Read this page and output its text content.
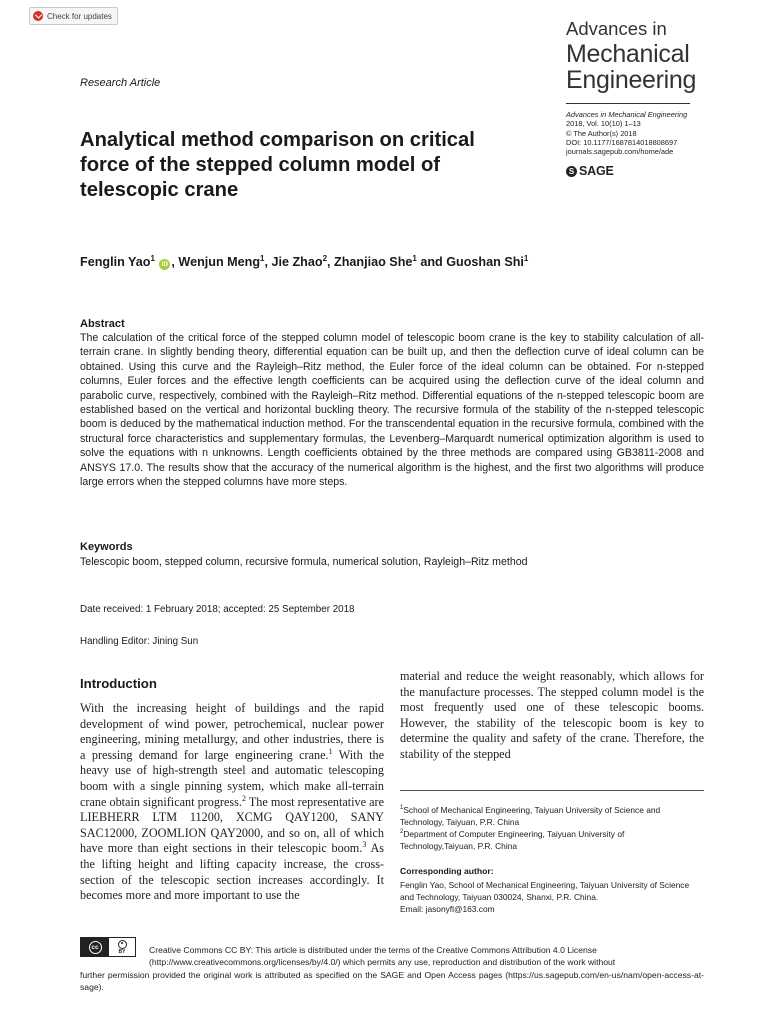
Check for updates
Advances in
Mechanical
Engineering
Research Article
Advances in Mechanical Engineering
2018, Vol. 10(10) 1–13
© The Author(s) 2018
DOI: 10.1177/1687814018808697
journals.sagepub.com/home/ade
S SAGE
Analytical method comparison on critical force of the stepped column model of telescopic crane
Fenglin Yao$^1$ iD , Wenjun Meng$^1$, Jie Zhao$^2$, Zhanjiao She$^1$ and Guoshan Shi$^1$
Abstract

The calculation of the critical force of the stepped column model of telescopic boom crane is the key to stability calculation of all-terrain crane. In slightly bending theory, differential equation can be built up, and then the deflection curve of ideal column can be obtained. Using this curve and the Rayleigh–Ritz method, the Euler force of the ideal column can be obtained. For n-stepped columns, Euler forces and the effective length coefficients can be acquired using the deflection curve of the ideal column and parabolic curve, respectively, combined with the Rayleigh–Ritz method. Differential equations of the n-stepped telescopic boom are established based on the vertical and horizontal buckling theory. The recursive formula of the stability of the n-stepped telescopic boom is deduced by the mathematical induction method. For the transcendental equation in the recursive formula, combined with the structural force characteristics and supplementary formulas, the Levenberg–Marquardt numerical optimization algorithm is used to solve the equations with n unknowns. Length coefficients obtained by the three methods are compared using GB3811-2008 and ANSYS 17.0. The results show that the accuracy of the numerical algorithm is the highest, and the first two algorithms will produce large errors when the stepped columns have more steps.

Keywords
Telescopic boom, stepped column, recursive formula, numerical solution, Rayleigh–Ritz method
Date received: 1 February 2018; accepted: 25 September 2018
Handling Editor: Jining Sun
Introduction

With the increasing height of buildings and the rapid development of wind power, petrochemical, nuclear power engineering, mining metallurgy, and other industries, there is a pressing demand for large engineering crane.$^1$ With the heavy use of high-strength steel and automatic telescoping boom with a single pinning system, which make all-terrain crane obtain significant progress.$^2$ The most representative are LIEBHERR LTM 11200, XCMG QAY1200, SANY SAC12000, ZOOMLION QAY2000, and so on, all of which have more than eight sections in their telescopic boom.$^3$ As the lifting height and lifting capacity increase, the cross-section of the telescopic section increases accordingly. It becomes more and more important to use the

material and reduce the weight reasonably, which allows for the manufacture processes. The stepped column model is the most frequently used one of these telescopic booms. However, the stability of the telescopic boom is key to determine the quality and safety of the crane. Therefore, the stability of the stepped

$^1$School of Mechanical Engineering, Taiyuan University of Science and Technology, Taiyuan, P.R. China
$^2$Department of Computer Engineering, Taiyuan University of Technology,Taiyuan, P.R. China
Corresponding author:
Fenglin Yao, School of Mechanical Engineering, Taiyuan University of Science and Technology, Taiyuan 030024, Shanxi, P.R. China.
Email: jasonyfl@163.com
cc
BY	Creative Commons CC BY: This article is distributed under the terms of the Creative Commons Attribution 4.0 License
(http://www.creativecommons.org/licenses/by/4.0/) which permits any use, reproduction and distribution of the work without
further permission provided the original work is attributed as specified on the SAGE and Open Access pages (https://us.sagepub.com/en-us/nam/open-access-at-sage).
